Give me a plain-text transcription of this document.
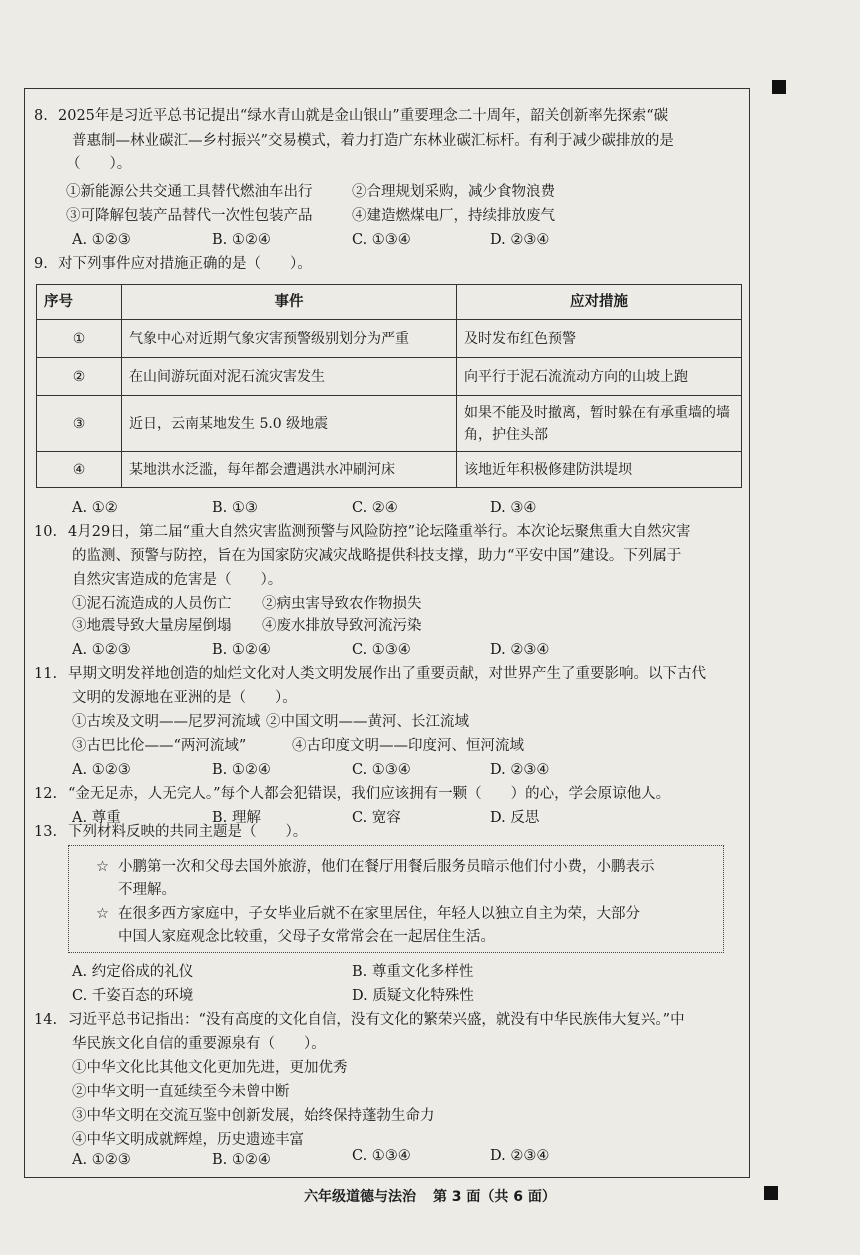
8. 2025年是习近平总书记提出“绿水青山就是金山银山”重要理念二十周年，韶关创新率先探索“碳
普惠制—林业碳汇—乡村振兴”交易模式，着力打造广东林业碳汇标杆。有利于减少碳排放的是
（　　）。
①新能源公共交通工具替代燃油车出行	②合理规划采购，减少食物浪费
③可降解包装产品替代一次性包装产品	④建造燃煤电厂，持续排放废气
A. ①②③	B. ①②④	C. ①③④	D. ②③④
9. 对下列事件应对措施正确的是（　　）。
序号	事件	应对措施
①	气象中心对近期气象灾害预警级别划分为严重	及时发布红色预警
②	在山间游玩面对泥石流灾害发生	向平行于泥石流流动方向的山坡上跑
③	近日，云南某地发生 5.0 级地震	如果不能及时撤离，暂时躲在有承重墙的墙角，护住头部
④	某地洪水泛滥，每年都会遭遇洪水冲刷河床	该地近年积极修建防洪堤坝
A. ①②	B. ①③	C. ②④	D. ③④
10. 4月29日，第二届“重大自然灾害监测预警与风险防控”论坛隆重举行。本次论坛聚焦重大自然灾害
的监测、预警与防控，旨在为国家防灾减灾战略提供科技支撑，助力“平安中国”建设。下列属于
自然灾害造成的危害是（　　）。
①泥石流造成的人员伤亡 ②病虫害导致农作物损失
③地震导致大量房屋倒塌 ④废水排放导致河流污染
A. ①②③	B. ①②④	C. ①③④	D. ②③④
11. 早期文明发祥地创造的灿烂文化对人类文明发展作出了重要贡献，对世界产生了重要影响。以下古代
文明的发源地在亚洲的是（　　）。
①古埃及文明——尼罗河流域 ②中国文明——黄河、长江流域
③古巴比伦——“两河流域”	④古印度文明——印度河、恒河流域
A. ①②③	B. ①②④	C. ①③④	D. ②③④
12. “金无足赤，人无完人。”每个人都会犯错误，我们应该拥有一颗（　　）的心，学会原谅他人。
A. 尊重	B. 理解	C. 宽容	D. 反思
13. 下列材料反映的共同主题是（　　）。
☆ 小鹏第一次和父母去国外旅游，他们在餐厅用餐后服务员暗示他们付小费，小鹏表示
不理解。
☆ 在很多西方家庭中，子女毕业后就不在家里居住，年轻人以独立自主为荣，大部分
中国人家庭观念比较重，父母子女常常会在一起居住生活。
A. 约定俗成的礼仪	B. 尊重文化多样性
C. 千姿百态的环境	D. 质疑文化特殊性
14. 习近平总书记指出：“没有高度的文化自信，没有文化的繁荣兴盛，就没有中华民族伟大复兴。”中
华民族文化自信的重要源泉有（　　）。
①中华文化比其他文化更加先进，更加优秀
②中华文明一直延续至今未曾中断
③中华文明在交流互鉴中创新发展，始终保持蓬勃生命力
④中华文明成就辉煌，历史遗迹丰富
A. ①②③	B. ①②④	C. ①③④	D. ②③④
六年级道德与法治 第 3 面（共 6 面）
